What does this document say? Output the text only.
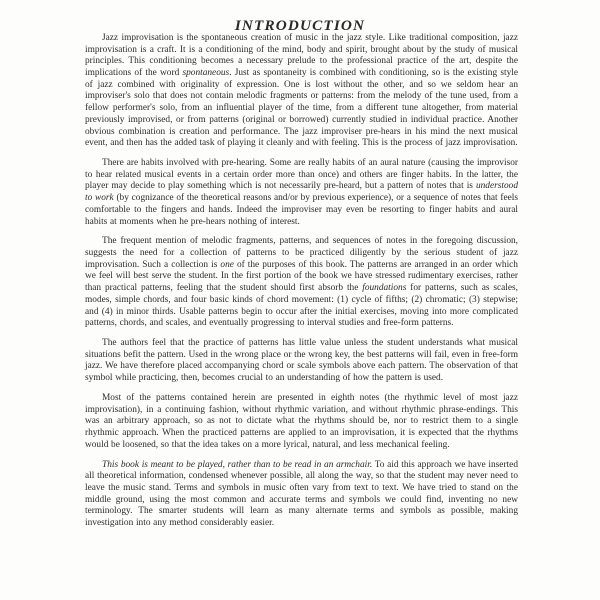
INTRODUCTION

Jazz improvisation is the spontaneous creation of music in the jazz style. Like traditional composition, jazz improvisation is a craft. It is a conditioning of the mind, body and spirit, brought about by the study of musical principles. This conditioning becomes a necessary prelude to the professional practice of the art, despite the implications of the word spontaneous. Just as spontaneity is combined with conditioning, so is the existing style of jazz combined with originality of expression. One is lost without the other, and so we seldom hear an improviser's solo that does not contain melodic fragments or patterns: from the melody of the tune used, from a fellow performer's solo, from an influential player of the time, from a different tune altogether, from material previously improvised, or from patterns (original or borrowed) currently studied in individual practice. Another obvious combination is creation and performance. The jazz improviser pre-hears in his mind the next musical event, and then has the added task of playing it cleanly and with feeling. This is the process of jazz improvisation.

There are habits involved with pre-hearing. Some are really habits of an aural nature (causing the improvisor to hear related musical events in a certain order more than once) and others are finger habits. In the latter, the player may decide to play something which is not necessarily pre-heard, but a pattern of notes that is understood to work (by cognizance of the theoretical reasons and/or by previous experience), or a sequence of notes that feels comfortable to the fingers and hands. Indeed the improviser may even be resorting to finger habits and aural habits at moments when he pre-hears nothing of interest.

The frequent mention of melodic fragments, patterns, and sequences of notes in the foregoing discussion, suggests the need for a collection of patterns to be practiced diligently by the serious student of jazz improvisation. Such a collection is one of the purposes of this book. The patterns are arranged in an order which we feel will best serve the student. In the first portion of the book we have stressed rudimentary exercises, rather than practical patterns, feeling that the student should first absorb the foundations for patterns, such as scales, modes, simple chords, and four basic kinds of chord movement: (1) cycle of fifths; (2) chromatic; (3) stepwise; and (4) in minor thirds. Usable patterns begin to occur after the initial exercises, moving into more complicated patterns, chords, and scales, and eventually progressing to interval studies and free-form patterns.

The authors feel that the practice of patterns has little value unless the student understands what musical situations befit the pattern. Used in the wrong place or the wrong key, the best patterns will fail, even in free-form jazz. We have therefore placed accompanying chord or scale symbols above each pattern. The observation of that symbol while practicing, then, becomes crucial to an understanding of how the pattern is used.

Most of the patterns contained herein are presented in eighth notes (the rhythmic level of most jazz improvisation), in a continuing fashion, without rhythmic variation, and without rhythmic phrase-endings. This was an arbitrary approach, so as not to dictate what the rhythms should be, nor to restrict them to a single rhythmic approach. When the practiced patterns are applied to an improvisation, it is expected that the rhythms would be loosened, so that the idea takes on a more lyrical, natural, and less mechanical feeling.

This book is meant to be played, rather than to be read in an armchair. To aid this approach we have inserted all theoretical information, condensed whenever possible, all along the way, so that the student may never need to leave the music stand. Terms and symbols in music often vary from text to text. We have tried to stand on the middle ground, using the most common and accurate terms and symbols we could find, inventing no new terminology. The smarter students will learn as many alternate terms and symbols as possible, making investigation into any method considerably easier.
